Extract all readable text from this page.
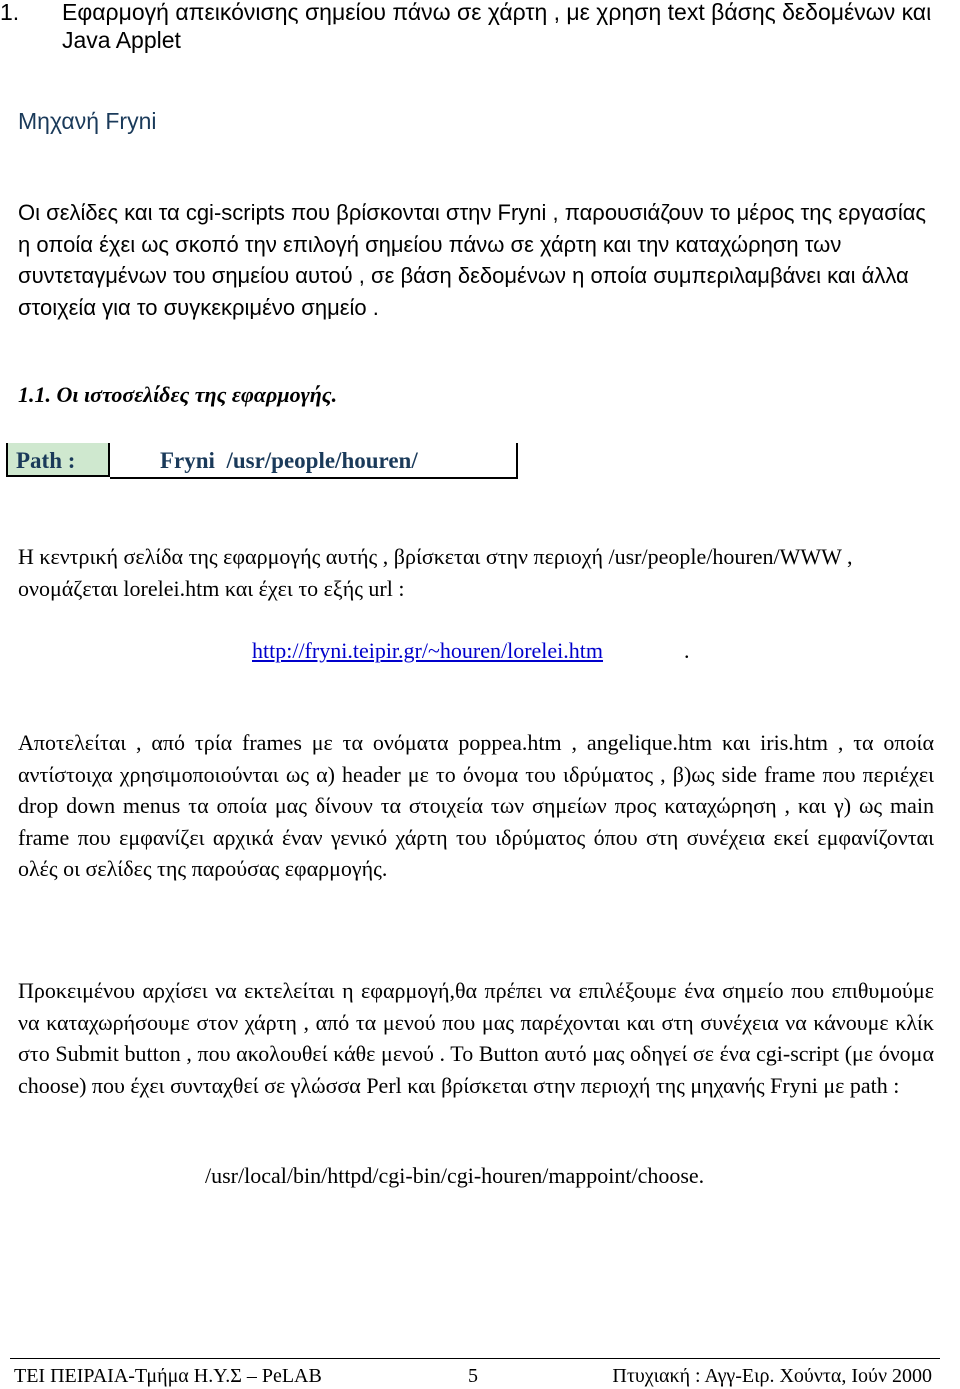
1. Εφαρμογή απεικόνισης σημείου πάνω σε χάρτη , με χρηση text βάσης δεδομένων και Java Applet
Μηχανή Fryni

Οι σελίδες και τα cgi-scripts που βρίσκονται στην Fryni , παρουσιάζουν το μέρος της εργασίας η οποία έχει ως σκοπό την επιλογή σημείου πάνω σε χάρτη και την καταχώρηση των συντεταγμένων του σημείου αυτού , σε βάση δεδομένων η οποία συμπεριλαμβάνει και άλλα στοιχεία για το συγκεκριμένο σημείο .

1.1. Οι ιστοσελίδες της εφαρμογής.
Path :	Fryni  /usr/people/houren/

Η κεντρική σελίδα της εφαρμογής αυτής , βρίσκεται στην περιοχή /usr/people/houren/WWW , ονομάζεται lorelei.htm και έχει το εξής url :

http://fryni.teipir.gr/~houren/lorelei.htm	.

Αποτελείται , από τρία frames με τα ονόματα poppea.htm , angelique.htm και iris.htm , τα οποία αντίστοιχα χρησιμοποιούνται ως α) header με το όνομα του ιδρύματος , β)ως side frame που περιέχει drop down menus τα οποία μας δίνουν τα στοιχεία των σημείων προς καταχώρηση , και γ) ως main frame που εμφανίζει αρχικά έναν γενικό χάρτη του ιδρύματος όπου στη συνέχεια εκεί εμφανίζονται ολές οι σελίδες της παρούσας εφαρμογής.

Προκειμένου αρχίσει να εκτελείται η εφαρμογή,θα πρέπει να επιλέξουμε ένα σημείο που επιθυμούμε να καταχωρήσουμε στον χάρτη , από τα μενού που μας παρέχονται και στη συνέχεια να κάνουμε κλίκ στο Submit button , που ακολουθεί κάθε μενού . Το Button αυτό μας οδηγεί σε ένα cgi-script (με όνομα choose) που έχει συνταχθεί σε γλώσσα Perl και βρίσκεται στην περιοχή της μηχανής Fryni με path :

/usr/local/bin/httpd/cgi-bin/cgi-houren/mappoint/choose.

ΤΕΙ ΠΕΙΡΑΙΑ-Τμήμα Η.Υ.Σ – PeLAB	5	Πτυχιακή : Αγγ-Ειρ. Χούντα, Ιούν 2000
